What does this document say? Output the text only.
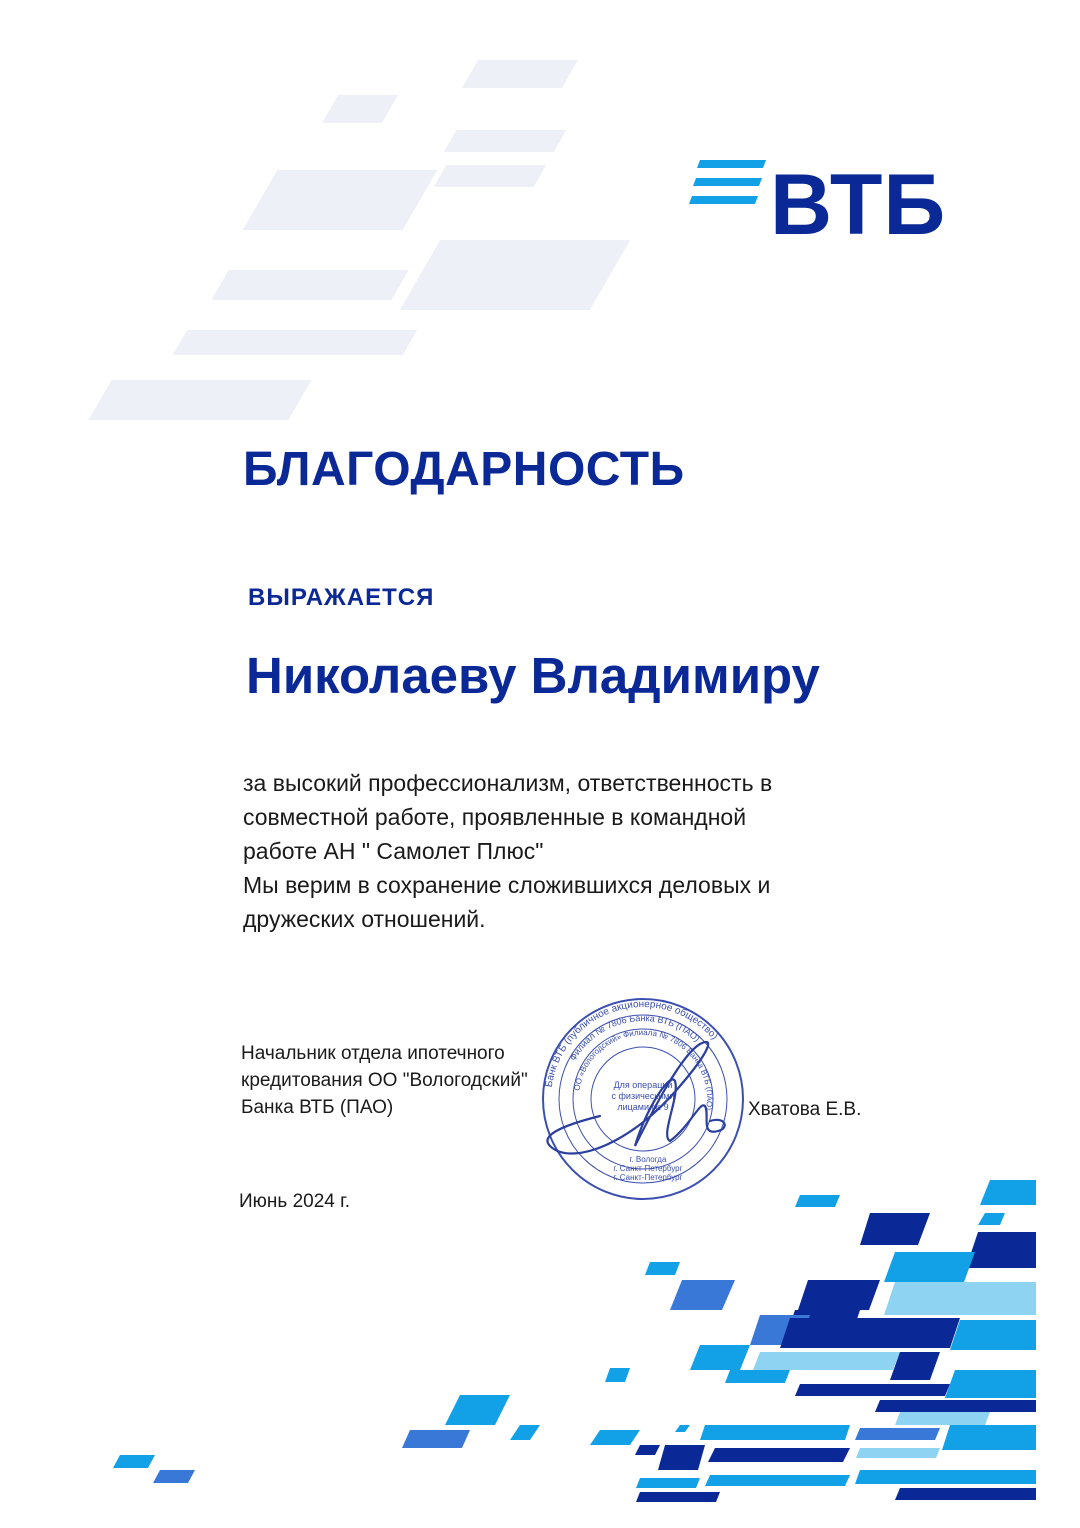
ВТБ
БЛАГОДАРНОСТЬ
ВЫРАЖАЕТСЯ
Николаеву Владимиру
за высокий профессионализм, ответственность в
совместной работе, проявленные в командной
работе АН " Самолет Плюс"
Мы верим в сохранение сложившихся деловых и
дружеских отношений.
Начальник отдела ипотечного
кредитования ОО "Вологодский"
Банка ВТБ (ПАО)
Банк ВТБ (публичное акционерное общество)
Филиал № 7806 Банка ВТБ (ПАО)
ОО «Вологодский» Филиала № 7806 Банка ВТБ (ПАО)
Для операций
с физическими
лицами № 9
г. Вологда
г. Санкт-Петербург
г. Санкт-Петербург
Хватова Е.В.
Июнь 2024 г.
